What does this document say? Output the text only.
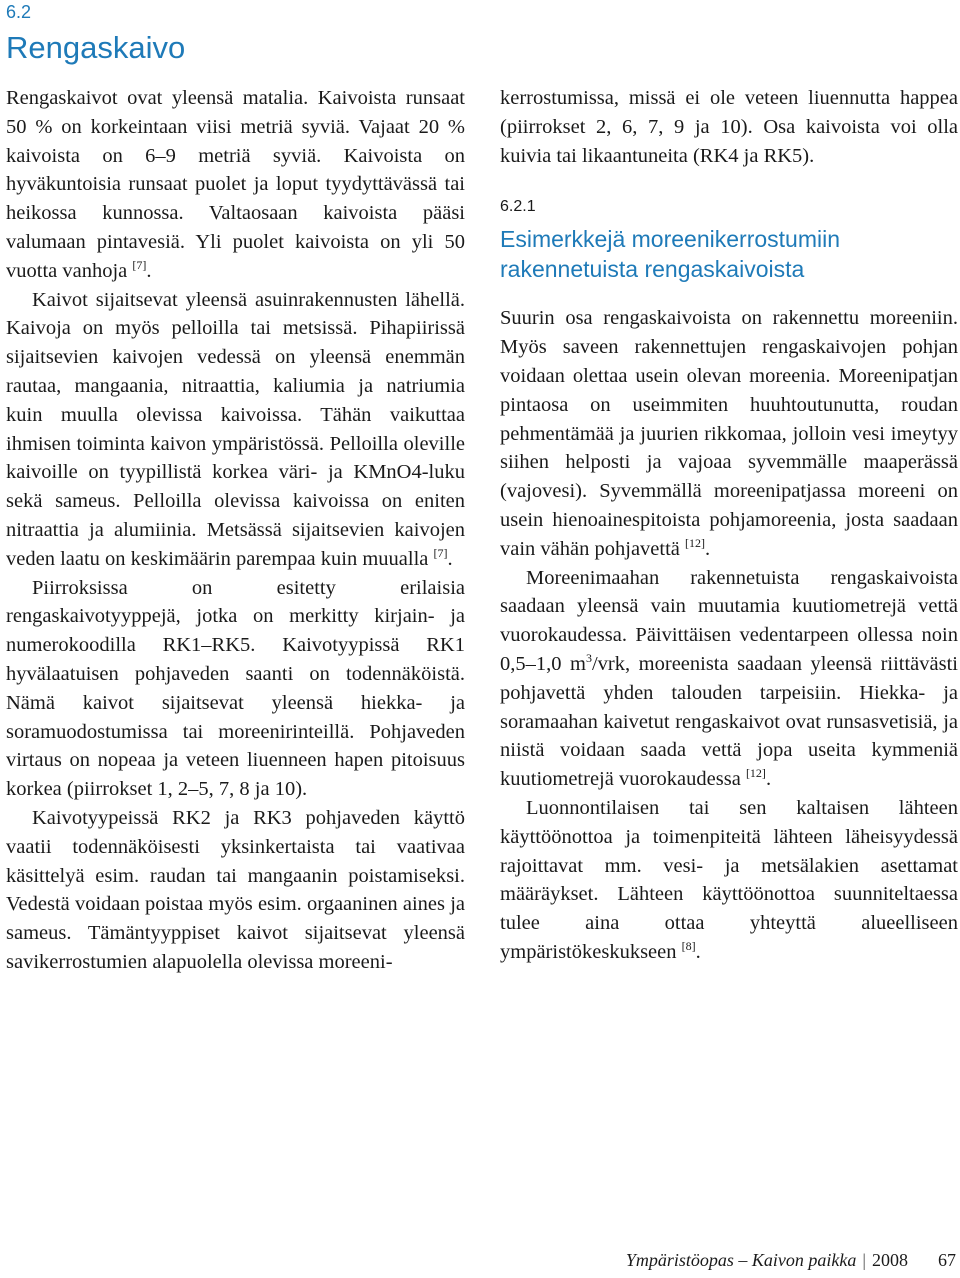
6.2
Rengaskaivo

Rengaskaivot ovat yleensä matalia. Kaivoista runsaat 50 % on korkeintaan viisi metriä syviä. Vajaat 20 % kaivoista on 6–9 metriä syviä. Kaivoista on hyväkuntoisia runsaat puolet ja loput tyydyttävässä tai heikossa kunnossa. Valtaosaan kaivoista pääsi valumaan pintavesiä. Yli puolet kaivoista on yli 50 vuotta vanhoja [7].

Kaivot sijaitsevat yleensä asuinrakennusten lähellä. Kaivoja on myös pelloilla tai metsissä. Pihapiirissä sijaitsevien kaivojen vedessä on yleensä enemmän rautaa, mangaania, nitraattia, kaliumia ja natriumia kuin muulla olevissa kaivoissa. Tähän vaikuttaa ihmisen toiminta kaivon ympäristössä. Pelloilla oleville kaivoille on tyypillistä korkea väri- ja KMnO4-luku sekä sameus. Pelloilla olevissa kaivoissa on eniten nitraattia ja alumiinia. Metsässä sijaitsevien kaivojen veden laatu on keskimäärin parempaa kuin muualla [7].

Piirroksissa on esitetty erilaisia rengaskaivotyyppejä, jotka on merkitty kirjain- ja numerokoodilla RK1–RK5. Kaivotyypissä RK1 hyvälaatuisen pohjaveden saanti on todennäköistä. Nämä kaivot sijaitsevat yleensä hiekka- ja soramuodostumissa tai moreenirinteillä. Pohjaveden virtaus on nopeaa ja veteen liuenneen hapen pitoisuus korkea (piirrokset 1, 2–5, 7, 8 ja 10).

Kaivotyypeissä RK2 ja RK3 pohjaveden käyttö vaatii todennäköisesti yksinkertaista tai vaativaa käsittelyä esim. raudan tai mangaanin poistamiseksi. Vedestä voidaan poistaa myös esim. orgaaninen aines ja sameus. Tämäntyyppiset kaivot sijaitsevat yleensä savikerrostumien alapuolella olevissa moreeni-

kerrostumissa, missä ei ole veteen liuennutta happea (piirrokset 2, 6, 7, 9 ja 10). Osa kaivoista voi olla kuivia tai likaantuneita (RK4 ja RK5).

6.2.1
Esimerkkejä moreenikerrostumiin rakennetuista rengaskaivoista

Suurin osa rengaskaivoista on rakennettu moreeniin. Myös saveen rakennettujen rengaskaivojen pohjan voidaan olettaa usein olevan moreenia. Moreenipatjan pintaosa on useimmiten huuhtoutunutta, roudan pehmentämää ja juurien rikkomaa, jolloin vesi imeytyy siihen helposti ja vajoaa syvemmälle maaperässä (vajovesi). Syvemmällä moreenipatjassa moreeni on usein hienoainespitoista pohjamoreenia, josta saadaan vain vähän pohjavettä [12].

Moreenimaahan rakennetuista rengaskaivoista saadaan yleensä vain muutamia kuutiometrejä vettä vuorokaudessa. Päivittäisen vedentarpeen ollessa noin 0,5–1,0 $m^3$/vrk, moreenista saadaan yleensä riittävästi pohjavettä yhden talouden tarpeisiin. Hiekka- ja soramaahan kaivetut rengaskaivot ovat runsasvetisiä, ja niistä voidaan saada vettä jopa useita kymmeniä kuutiometrejä vuorokaudessa [12].

Luonnontilaisen tai sen kaltaisen lähteen käyttöönottoa ja toimenpiteitä lähteen läheisyydessä rajoittavat mm. vesi- ja metsälakien asettamat määräykset. Lähteen käyttöönottoa suunniteltaessa tulee aina ottaa yhteyttä alueelliseen ympäristökeskukseen [8].

Ympäristöopas – Kaivon paikka | 2008 67
